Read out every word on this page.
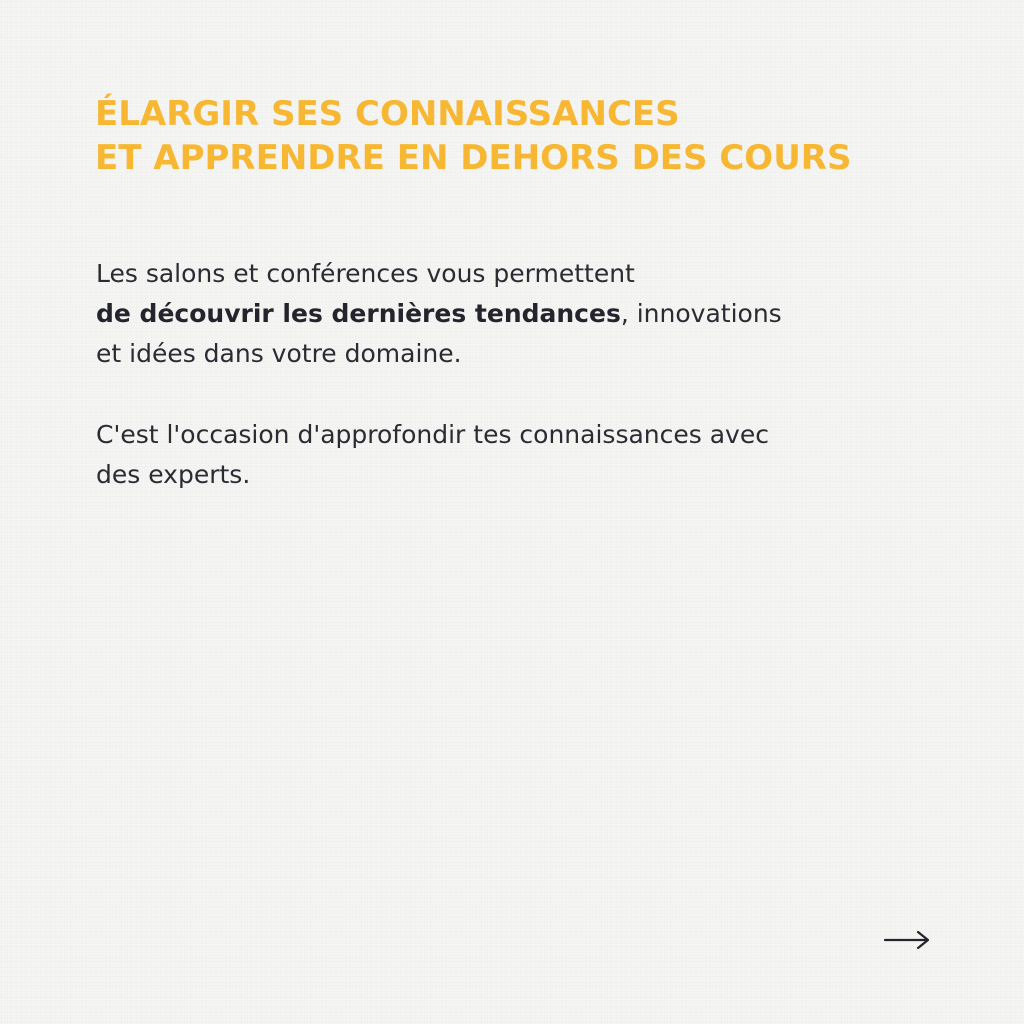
ÉLARGIR SES CONNAISSANCES
ET APPRENDRE EN DEHORS DES COURS

Les salons et conférences vous permettent
de découvrir les dernières tendances, innovations
et idées dans votre domaine.

C'est l'occasion d'approfondir tes connaissances avec
des experts.
